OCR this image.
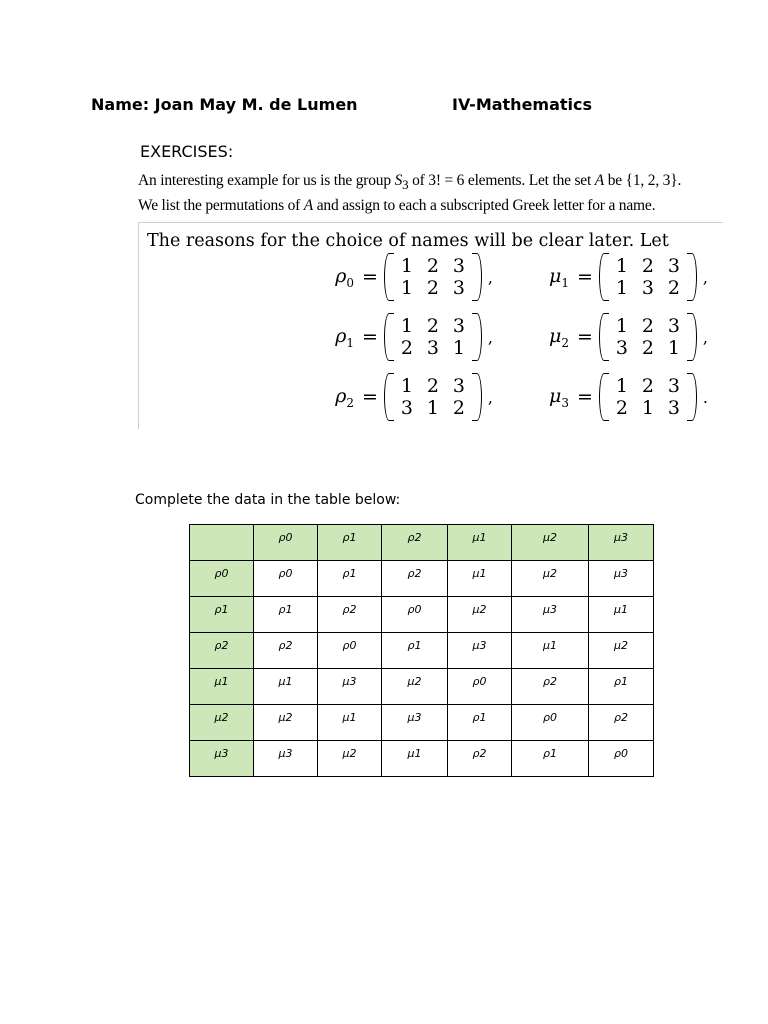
Name: Joan May M. de Lumen	IV-Mathematics
EXERCISES:
An interesting example for us is the group $S_3$ of 3! = 6 elements. Let the set A be {1, 2, 3}.
We list the permutations of A and assign to each a subscripted Greek letter for a name.
The reasons for the choice of names will be clear later. Let
$\rho_0$ =	1 2 3
1 2 3	,	$\mu_1$ =	1 2 3
1 3 2	,
$\rho_1$ =	1 2 3
2 3 1	,	$\mu_2$ =	1 2 3
3 2 1	,
$\rho_2$ =	1 2 3
3 1 2	,	$\mu_3$ =	1 2 3
2 1 3	.
Complete the data in the table below:
	ρ0	ρ1	ρ2	μ1	μ2	μ3
ρ0	ρ0	ρ1	ρ2	μ1	μ2	μ3
ρ1	ρ1	ρ2	ρ0	μ2	μ3	μ1
ρ2	ρ2	ρ0	ρ1	μ3	μ1	μ2
μ1	μ1	μ3	μ2	ρ0	ρ2	ρ1
μ2	μ2	μ1	μ3	ρ1	ρ0	ρ2
μ3	μ3	μ2	μ1	ρ2	ρ1	ρ0
